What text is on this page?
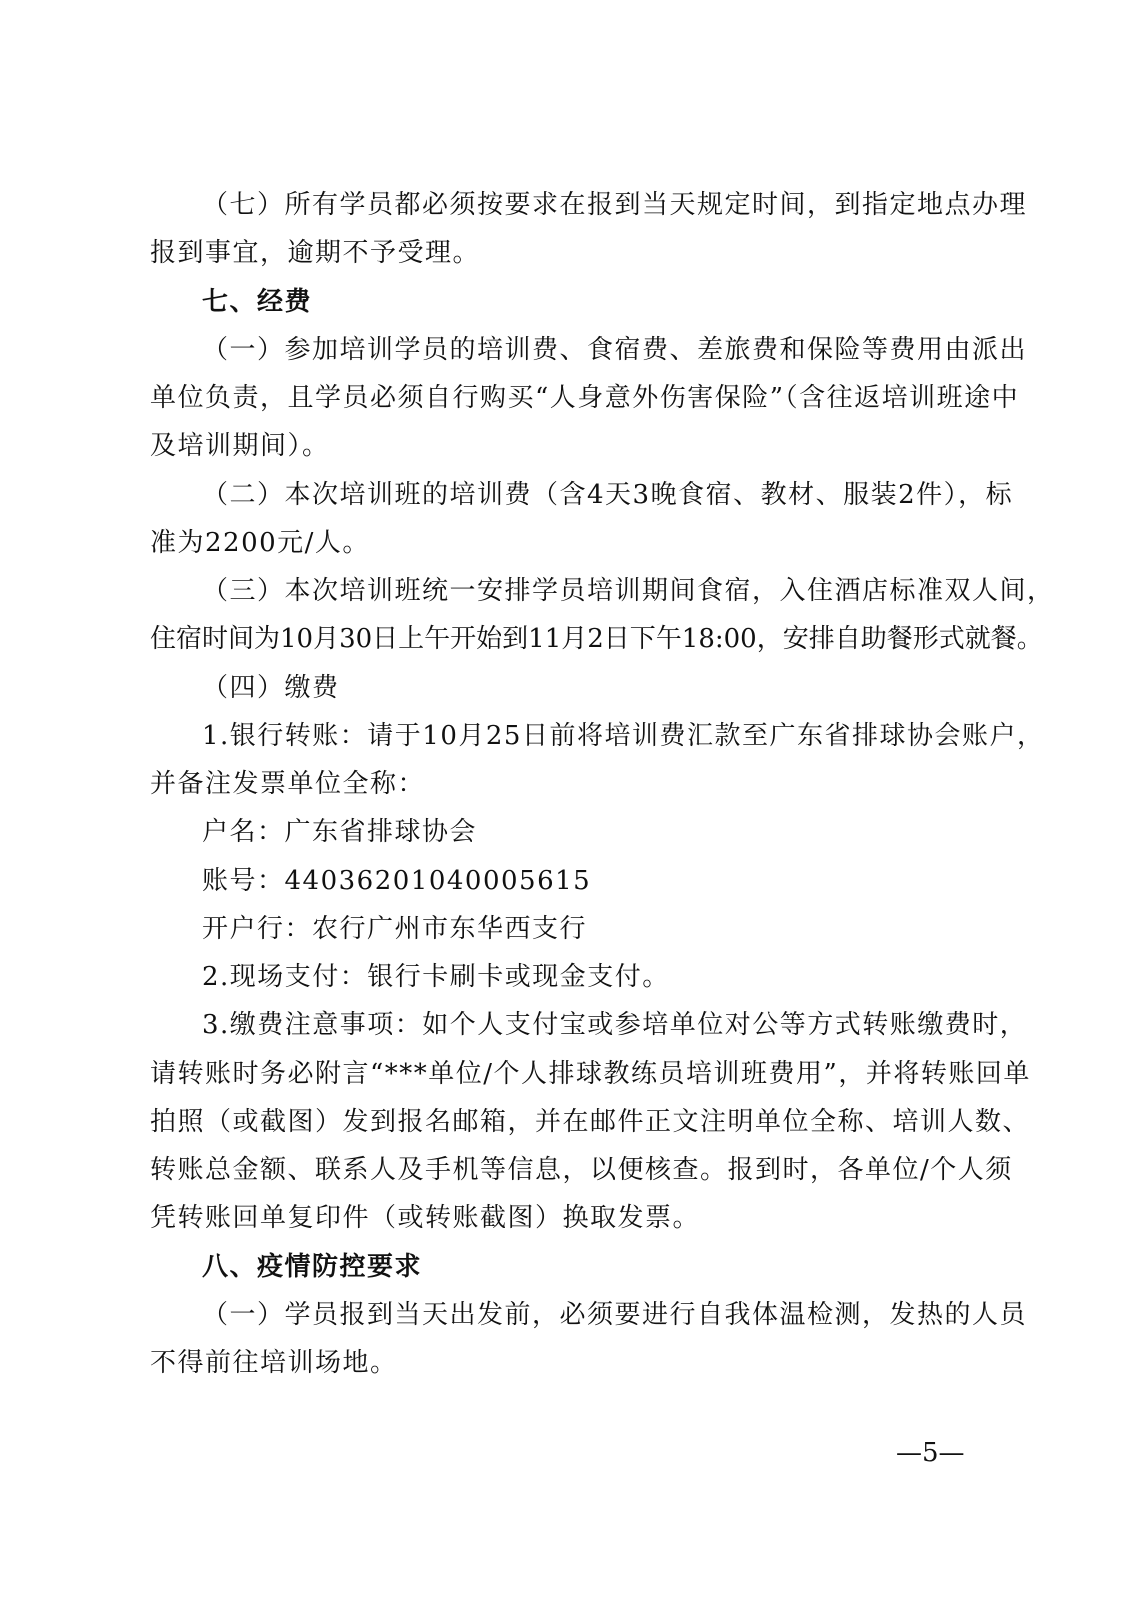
（七）所有学员都必须按要求在报到当天规定时间，到指定地点办理
报到事宜，逾期不予受理。
七、经费
（一）参加培训学员的培训费、食宿费、差旅费和保险等费用由派出
单位负责，且学员必须自行购买“人身意外伤害保险”（含往返培训班途中
及培训期间）。
（二）本次培训班的培训费（含4天3晚食宿、教材、服装2件），标
准为2200元/人。
（三）本次培训班统一安排学员培训期间食宿，入住酒店标准双人间，
住宿时间为10月30日上午开始到11月2日下午18:00，安排自助餐形式就餐。
（四）缴费
1.银行转账：请于10月25日前将培训费汇款至广东省排球协会账户，
并备注发票单位全称：
户名：广东省排球协会
账号：44036201040005615
开户行：农行广州市东华西支行
2.现场支付：银行卡刷卡或现金支付。
3.缴费注意事项：如个人支付宝或参培单位对公等方式转账缴费时，
请转账时务必附言“***单位/个人排球教练员培训班费用”，并将转账回单
拍照（或截图）发到报名邮箱，并在邮件正文注明单位全称、培训人数、
转账总金额、联系人及手机等信息，以便核查。报到时，各单位/个人须
凭转账回单复印件（或转账截图）换取发票。
八、疫情防控要求
（一）学员报到当天出发前，必须要进行自我体温检测，发热的人员
不得前往培训场地。
—5—
